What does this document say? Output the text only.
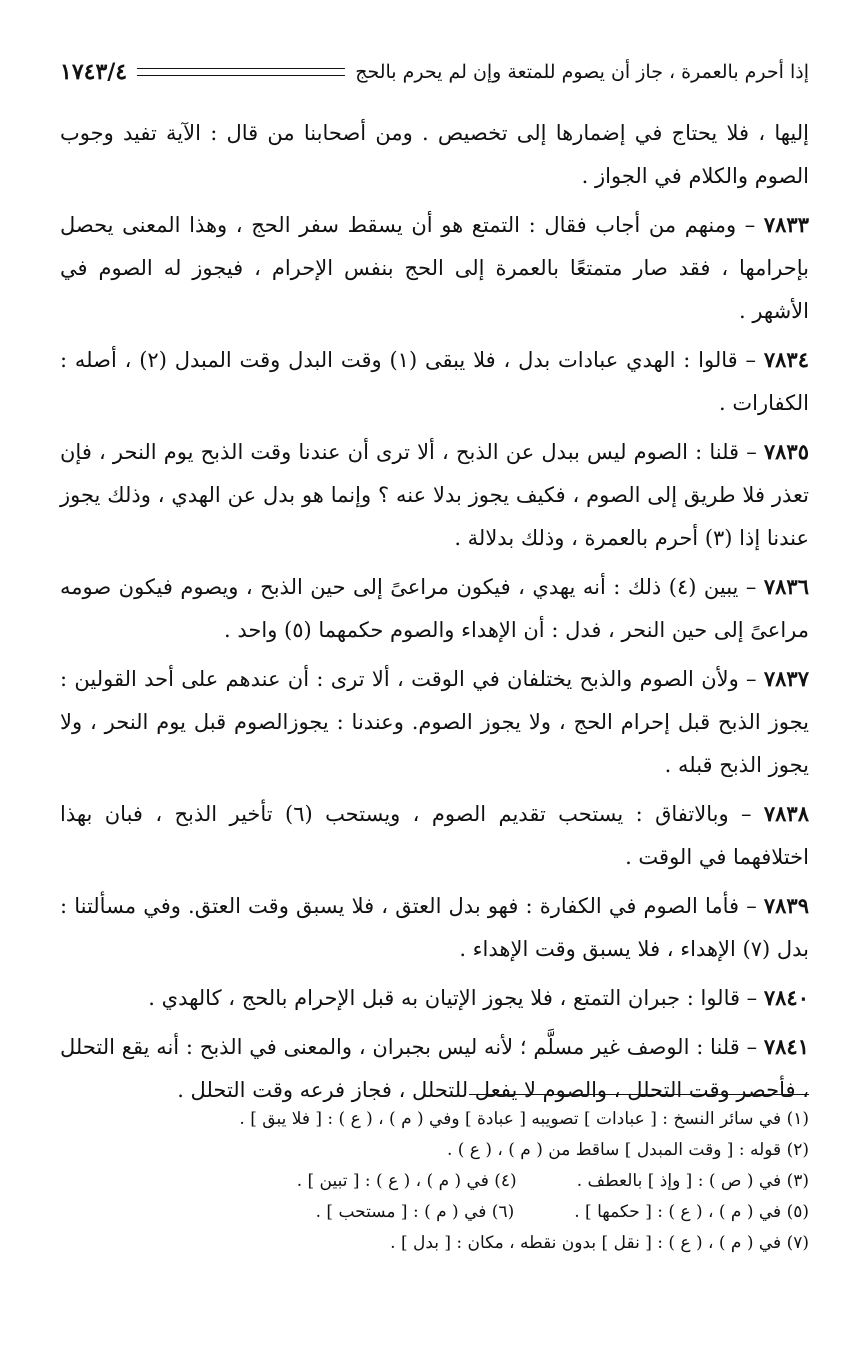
إذا أحرم بالعمرة ، جاز أن يصوم للمتعة وإن لم يحرم بالحج
١٧٤٣/٤

إليها ، فلا يحتاج في إضمارها إلى تخصيص . ومن أصحابنا من قال : الآية تفيد وجوب الصوم والكلام في الجواز .

٧٨٣٣ – ومنهم من أجاب فقال : التمتع هو أن يسقط سفر الحج ، وهذا المعنى يحصل بإحرامها ، فقد صار متمتعًا بالعمرة إلى الحج بنفس الإحرام ، فيجوز له الصوم في الأشهر .

٧٨٣٤ – قالوا : الهدي عبادات بدل ، فلا يبقى (١) وقت البدل وقت المبدل (٢) ، أصله : الكفارات .

٧٨٣٥ – قلنا : الصوم ليس ببدل عن الذبح ، ألا ترى أن عندنا وقت الذبح يوم النحر ، فإن تعذر فلا طريق إلى الصوم ، فكيف يجوز بدلا عنه ؟ وإنما هو بدل عن الهدي ، وذلك يجوز عندنا إذا (٣) أحرم بالعمرة ، وذلك بدلالة .

٧٨٣٦ – يبين (٤) ذلك : أنه يهدي ، فيكون مراعىً إلى حين الذبح ، ويصوم فيكون صومه مراعىً إلى حين النحر ، فدل : أن الإهداء والصوم حكمهما (٥) واحد .

٧٨٣٧ – ولأن الصوم والذبح يختلفان في الوقت ، ألا ترى : أن عندهم على أحد القولين : يجوز الذبح قبل إحرام الحج ، ولا يجوز الصوم. وعندنا : يجوزالصوم قبل يوم النحر ، ولا يجوز الذبح قبله .

٧٨٣٨ – وبالاتفاق : يستحب تقديم الصوم ، ويستحب (٦) تأخير الذبح ، فبان بهذا اختلافهما في الوقت .

٧٨٣٩ – فأما الصوم في الكفارة : فهو بدل العتق ، فلا يسبق وقت العتق. وفي مسألتنا : بدل (٧) الإهداء ، فلا يسبق وقت الإهداء .

٧٨٤٠ – قالوا : جبران التمتع ، فلا يجوز الإتيان به قبل الإحرام بالحج ، كالهدي .

٧٨٤١ – قلنا : الوصف غير مسلَّم ؛ لأنه ليس بجبران ، والمعنى في الذبح : أنه يقع التحلل ، فأحصر وقت التحلل ، والصوم لا يفعل للتحلل ، فجاز فرعه وقت التحلل .

(١) في سائر النسخ : [ عبادات ] تصويبه [ عبادة ] وفي ( م ) ، ( ع ) : [ فلا يبق ] .
(٢) قوله : [ وقت المبدل ] ساقط من ( م ) ، ( ع ) .
(٣) في ( ص ) : [ وإذ ] بالعطف .
(٤) في ( م ) ، ( ع ) : [ تبين ] .
(٥) في ( م ) ، ( ع ) : [ حكمها ] .
(٦) في ( م ) : [ مستحب ] .
(٧) في ( م ) ، ( ع ) : [ نقل ] بدون نقطه ، مكان : [ بدل ] .
